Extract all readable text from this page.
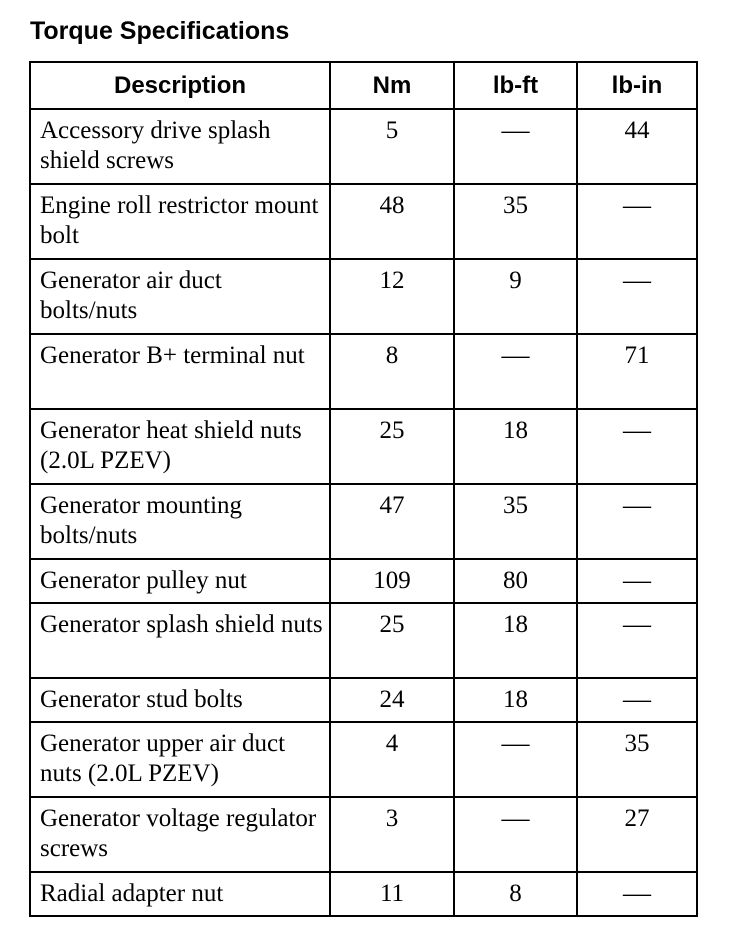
Torque Specifications
Description	Nm	lb-ft	lb-in
Accessory drive splash shield screws	5	—	44
Engine roll restrictor mount bolt	48	35	—
Generator air duct bolts/nuts	12	9	—
Generator B+ terminal nut	8	—	71
Generator heat shield nuts (2.0L PZEV)	25	18	—
Generator mounting bolts/nuts	47	35	—
Generator pulley nut	109	80	—
Generator splash shield nuts	25	18	—
Generator stud bolts	24	18	—
Generator upper air duct nuts (2.0L PZEV)	4	—	35
Generator voltage regulator screws	3	—	27
Radial adapter nut	11	8	—
